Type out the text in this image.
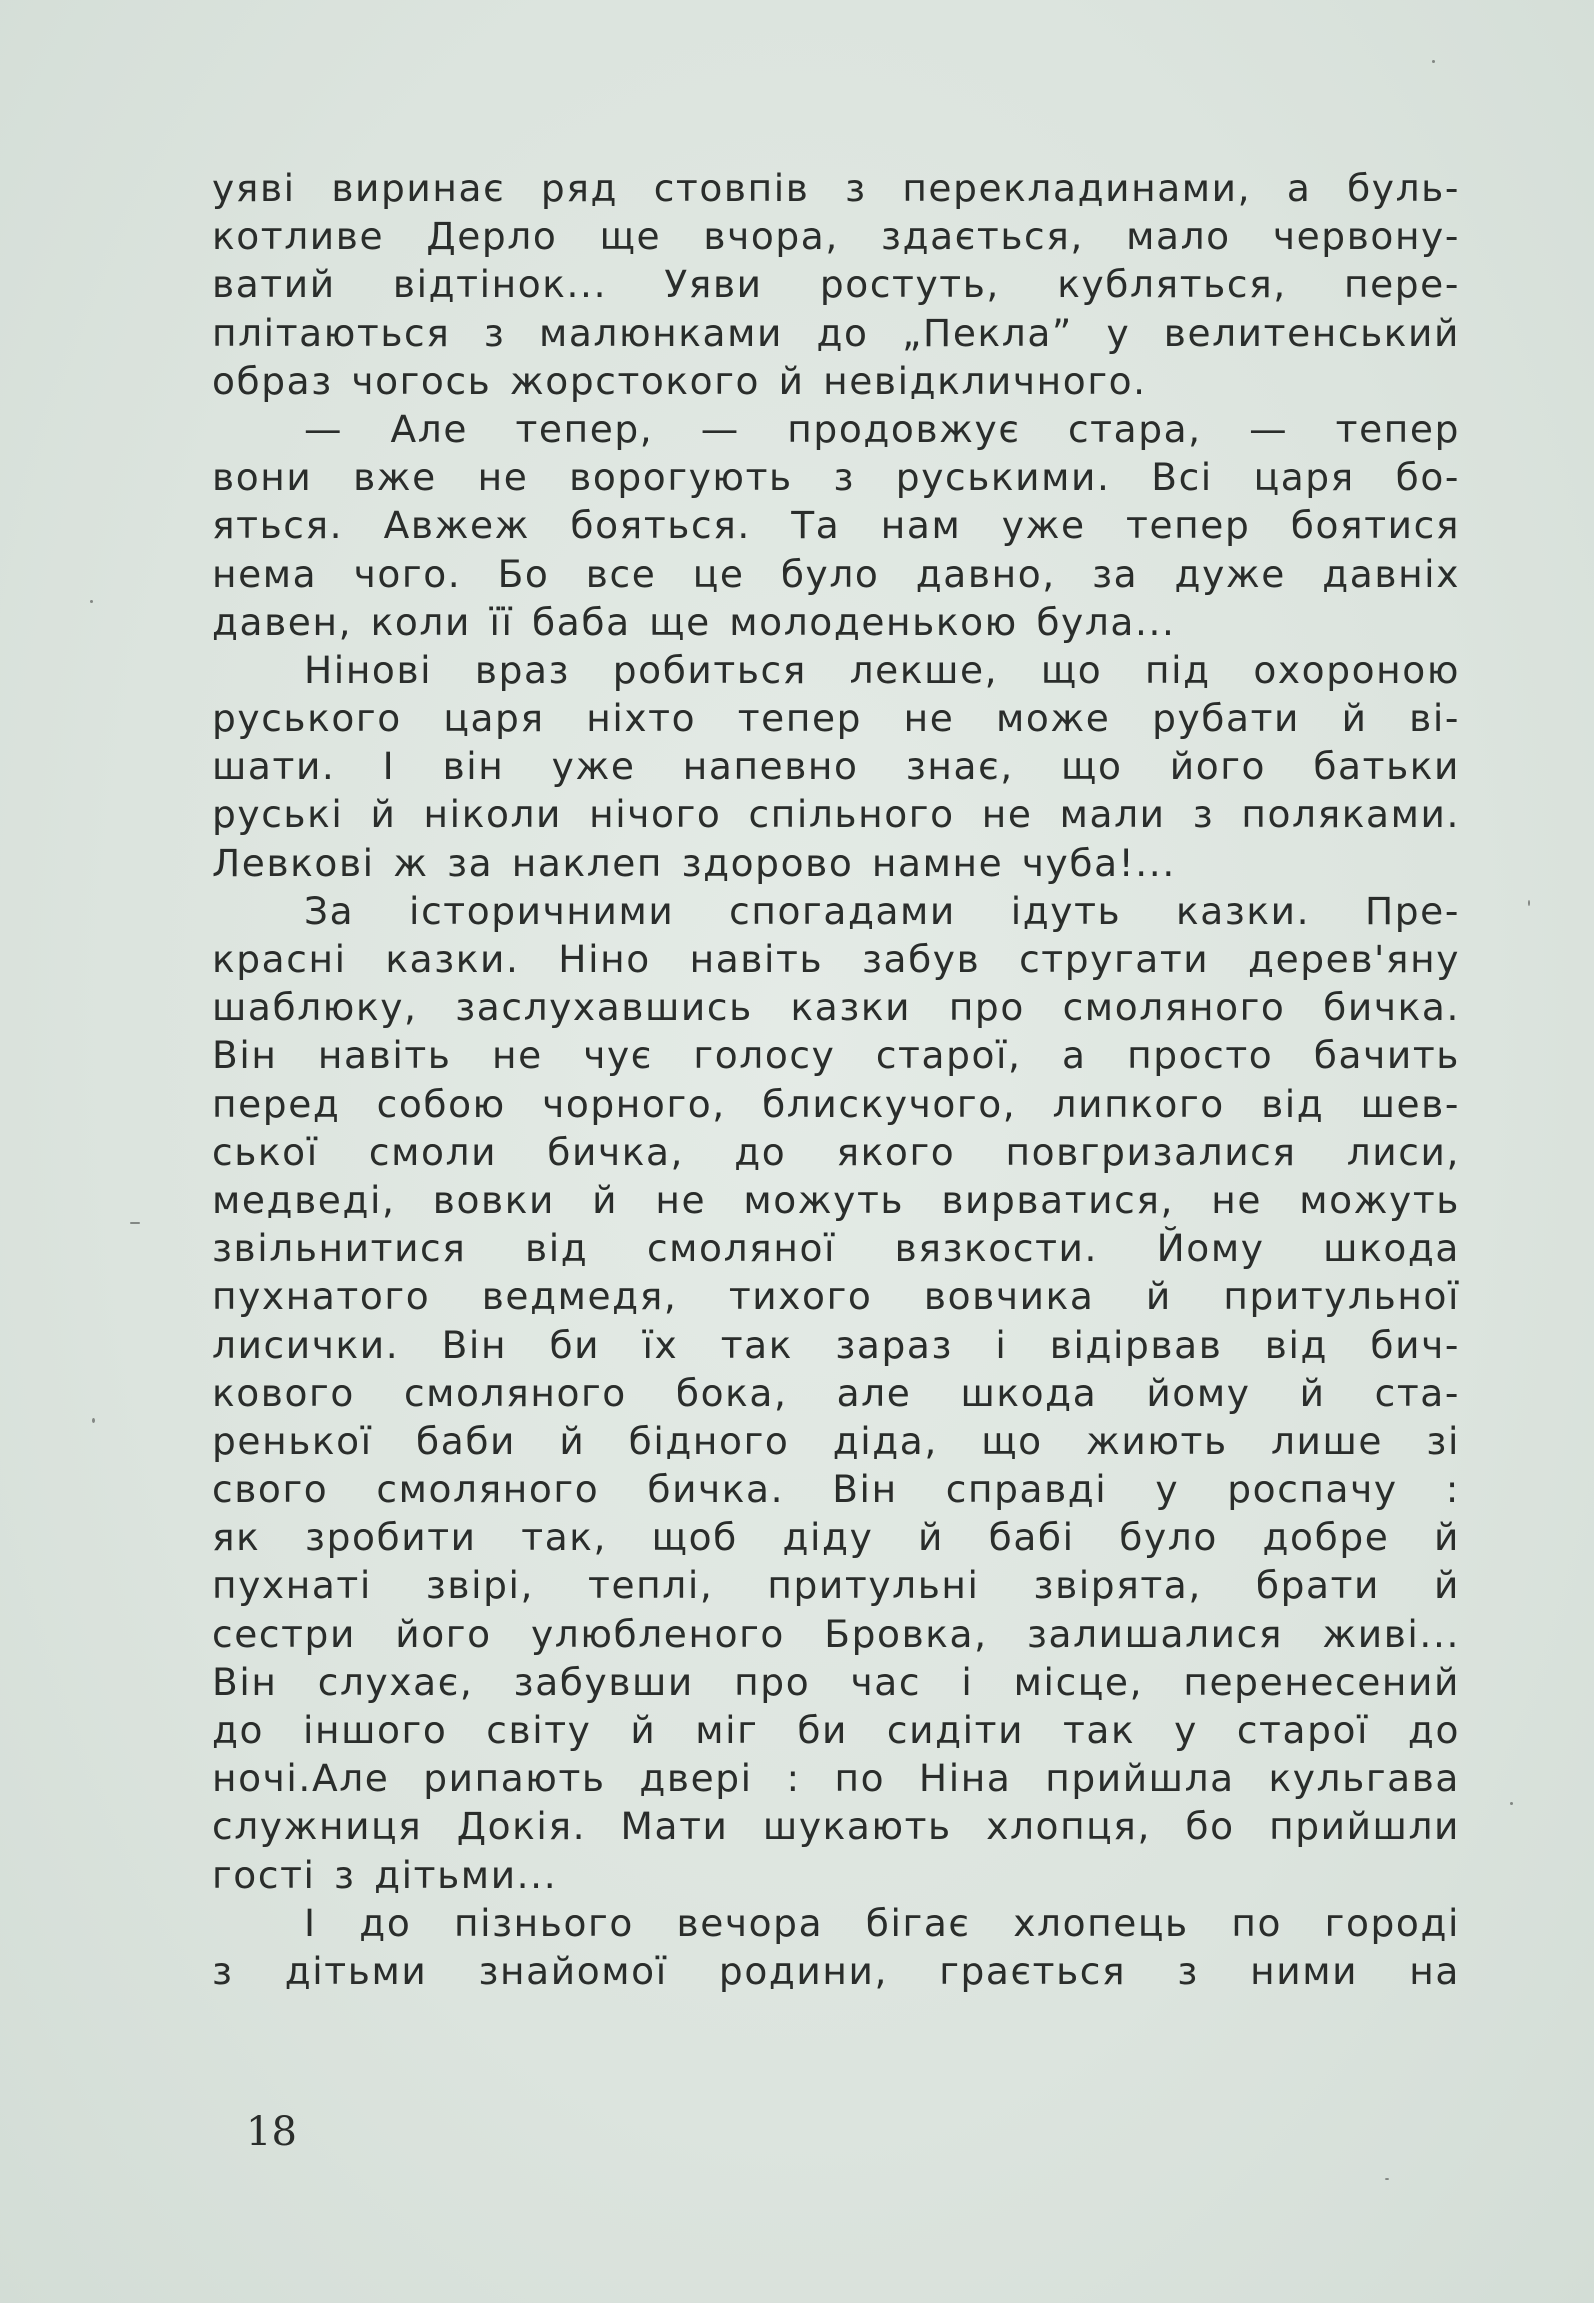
уяві виринає ряд стовпів з перекладинами, а буль-
котливе Дерло ще вчора, здається, мало червону-
ватий відтінок... Уяви ростуть, кубляться, пере-
плітаються з малюнками до „Пекла” у велитенський
образ чогось жорстокого й невідкличного.
— Але тепер, — продовжує стара, — тепер
вони вже не ворогують з руськими. Всі царя бо-
яться. Авжеж бояться. Та нам уже тепер боятися
нема чого. Бо все це було давно, за дуже давніх
давен, коли її баба ще молоденькою була...
Нінові враз робиться лекше, що під охороною
руського царя ніхто тепер не може рубати й ві-
шати. І він уже напевно знає, що його батьки
руські й ніколи нічого спільного не мали з поляками.
Левкові ж за наклеп здорово намне чуба!...
За історичними спогадами ідуть казки. Пре-
красні казки. Ніно навіть забув стругати дерев'яну
шаблюку, заслухавшись казки про смоляного бичка.
Він навіть не чує голосу старої, а просто бачить
перед собою чорного, блискучого, липкого від шев-
ської смоли бичка, до якого повгризалися лиси,
медведі, вовки й не можуть вирватися, не можуть
звільнитися від смоляної вязкости. Йому шкода
пухнатого ведмедя, тихого вовчика й притульної
лисички. Він би їх так зараз і відірвав від бич-
кового смоляного бока, але шкода йому й ста-
ренької баби й бідного діда, що жиють лише зі
свого смоляного бичка. Він справді у роспачу :
як зробити так, щоб діду й бабі було добре й
пухнаті звірі, теплі, притульні звірята, брати й
сестри його улюбленого Бровка, залишалися живі...
Він слухає, забувши про час і місце, перенесений
до іншого світу й міг би сидіти так у старої до
ночі.Але рипають двері : по Ніна прийшла кульгава
служниця Докія. Мати шукають хлопця, бо прийшли
гості з дітьми...
І до пізнього вечора бігає хлопець по городі
з дітьми знайомої родини, грається з ними на
18
